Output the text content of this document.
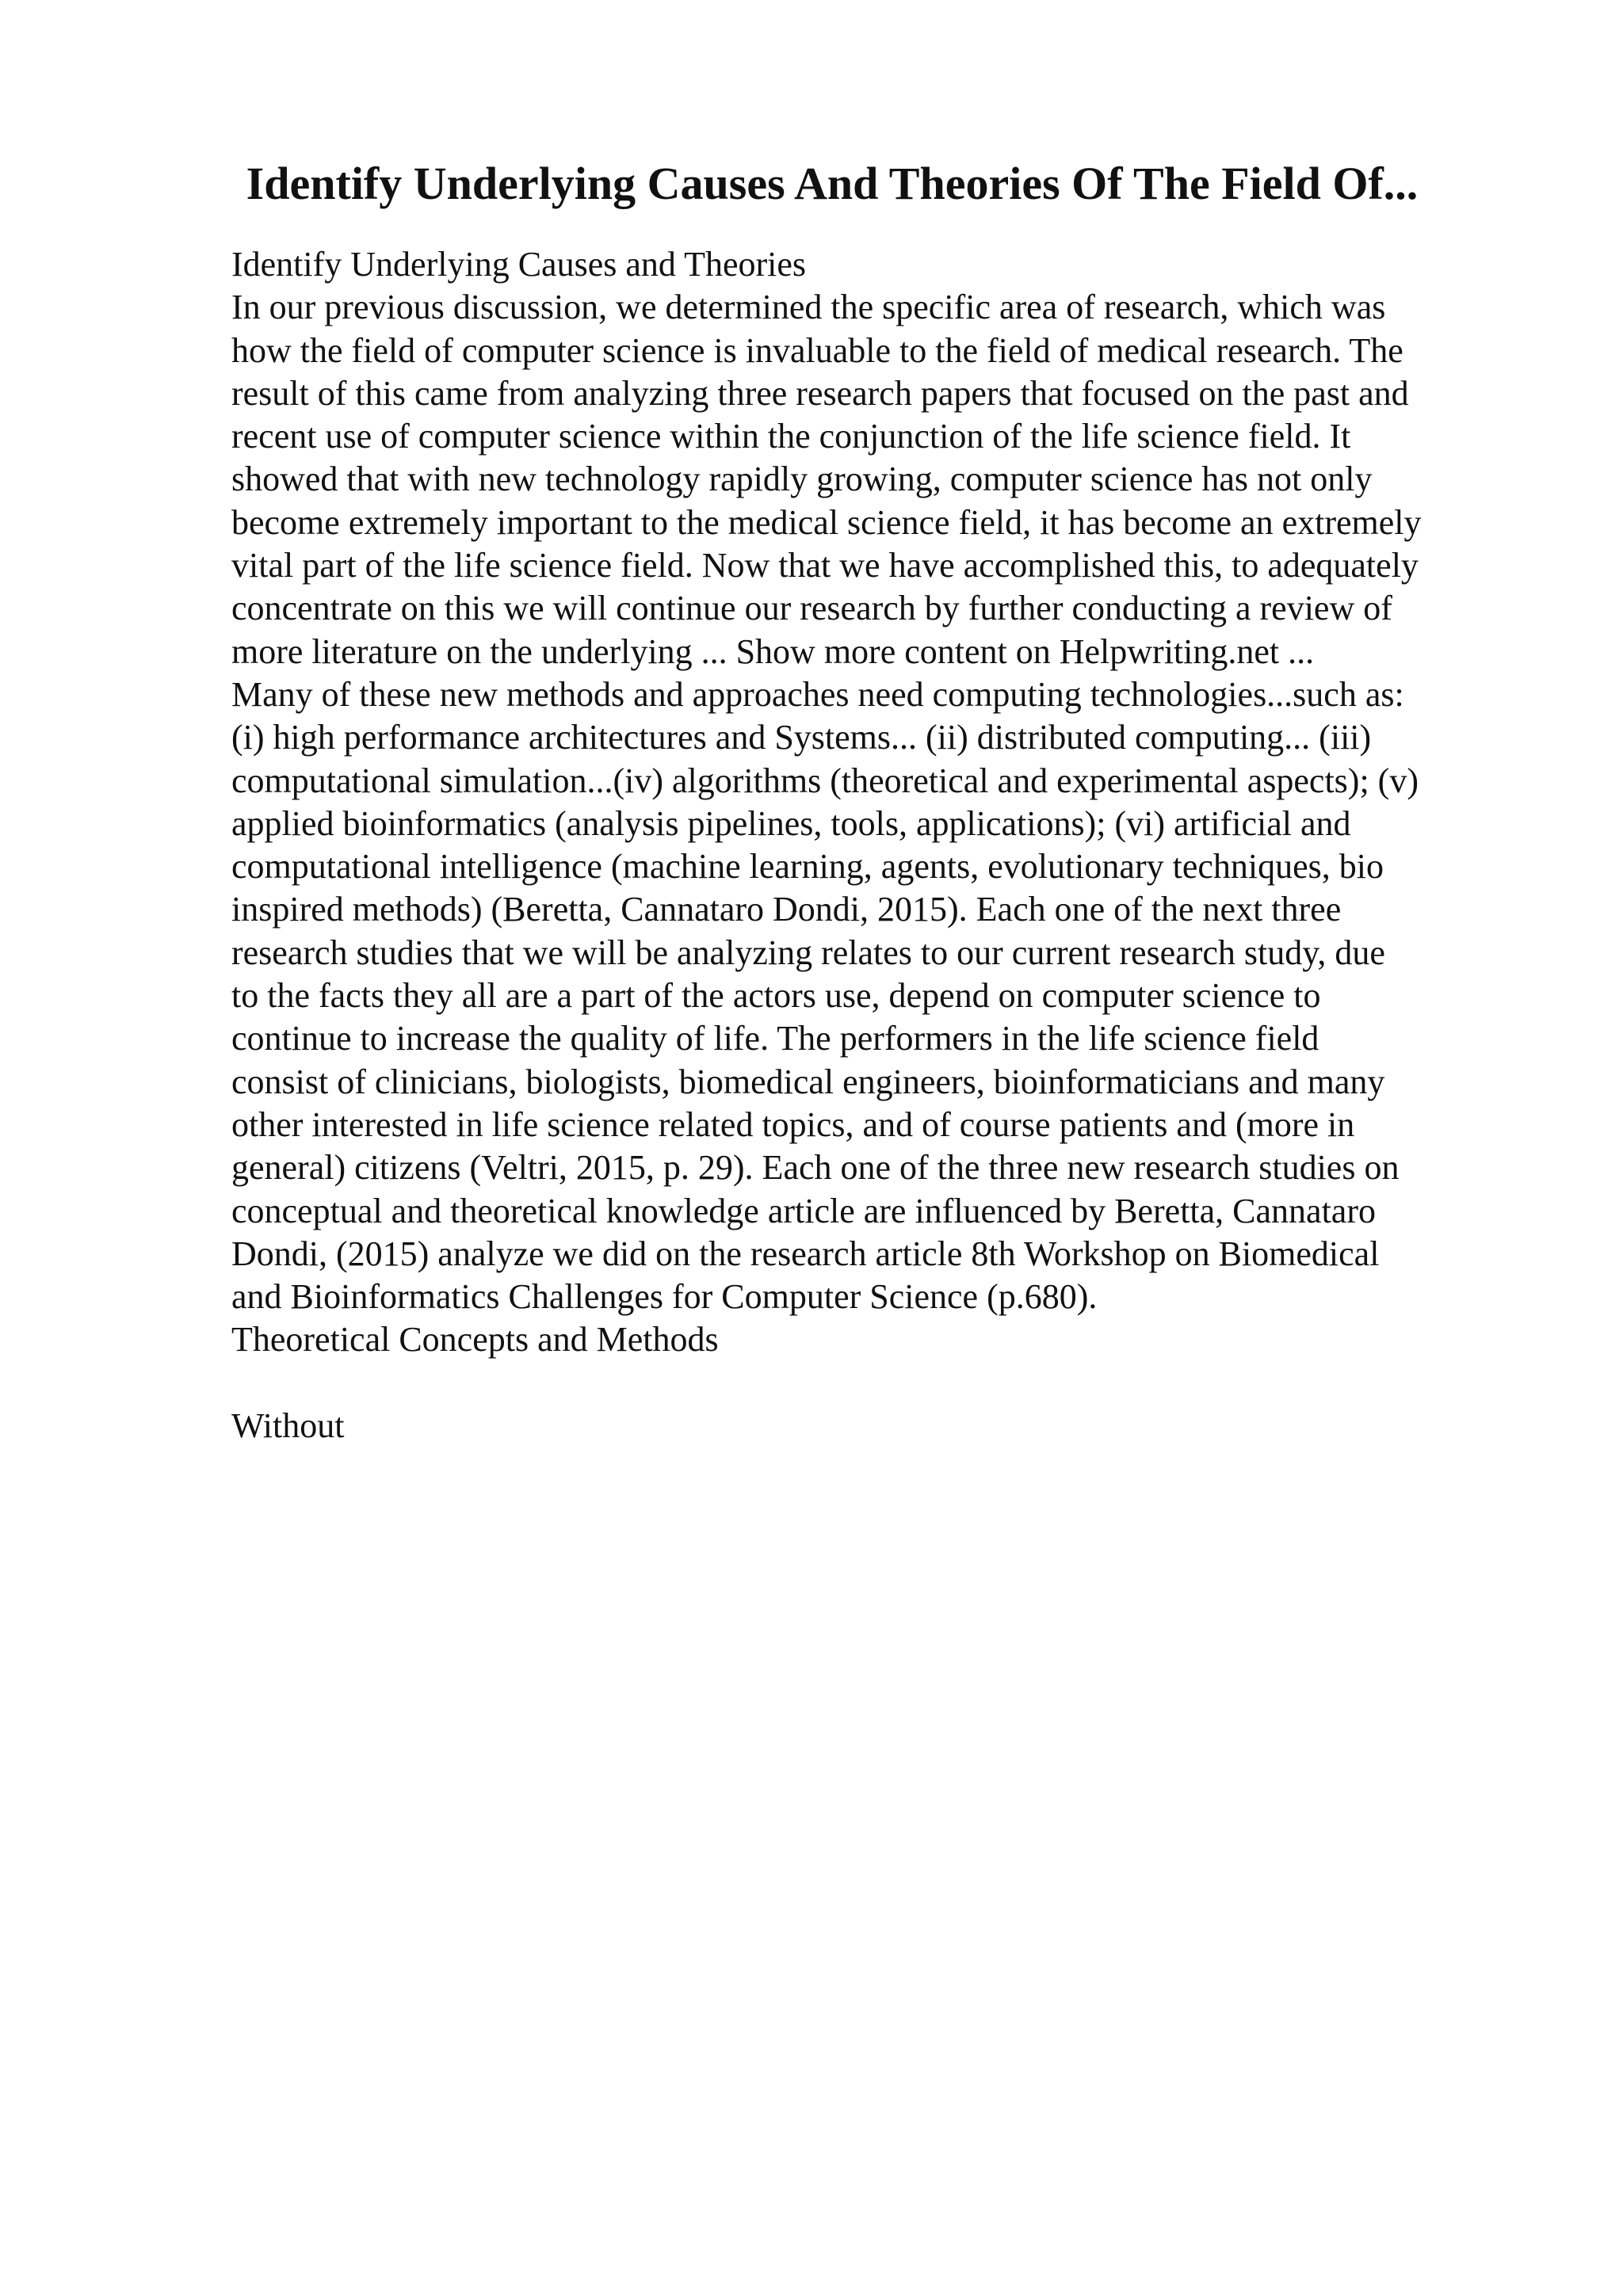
Identify Underlying Causes And Theories Of The Field Of...
Identify Underlying Causes and Theories
In our previous discussion, we determined the specific area of research, which was
how the field of computer science is invaluable to the field of medical research. The
result of this came from analyzing three research papers that focused on the past and
recent use of computer science within the conjunction of the life science field. It
showed that with new technology rapidly growing, computer science has not only
become extremely important to the medical science field, it has become an extremely
vital part of the life science field. Now that we have accomplished this, to adequately
concentrate on this we will continue our research by further conducting a review of
more literature on the underlying ... Show more content on Helpwriting.net ...
Many of these new methods and approaches need computing technologies...such as:
(i) high performance architectures and Systems... (ii) distributed computing... (iii)
computational simulation...(iv) algorithms (theoretical and experimental aspects); (v)
applied bioinformatics (analysis pipelines, tools, applications); (vi) artificial and
computational intelligence (machine learning, agents, evolutionary techniques, bio
inspired methods) (Beretta, Cannataro Dondi, 2015). Each one of the next three
research studies that we will be analyzing relates to our current research study, due
to the facts they all are a part of the actors use, depend on computer science to
continue to increase the quality of life. The performers in the life science field
consist of clinicians, biologists, biomedical engineers, bioinformaticians and many
other interested in life science related topics, and of course patients and (more in
general) citizens (Veltri, 2015, p. 29). Each one of the three new research studies on
conceptual and theoretical knowledge article are influenced by Beretta, Cannataro
Dondi, (2015) analyze we did on the research article 8th Workshop on Biomedical
and Bioinformatics Challenges for Computer Science (p.680).
Theoretical Concepts and Methods
Without
